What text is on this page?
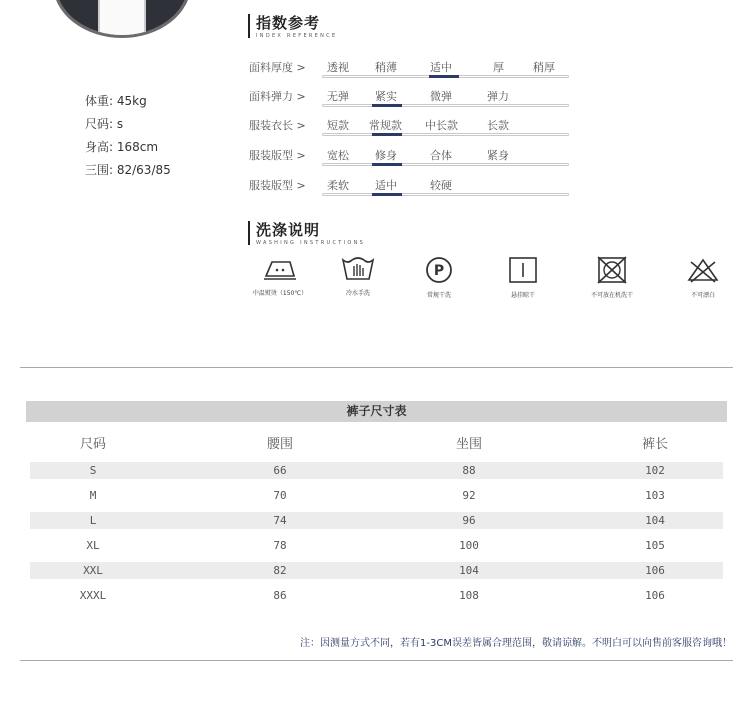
体重: 45kg
尺码: s
身高: 168cm
三围: 82/63/85
指数参考
INDEX REFERENCE
面料厚度 > 透视 稍薄	适中	厚	稍厚
面料弹力 > 无弹 紧实	微弹	弹力
服装衣长 > 短款 常规款 中长款	长款
服装版型 > 宽松 修身	合体	紧身
服装版型 > 柔软 适中	较硬
洗涤说明
WASHING INSTRUCTIONS
中温熨烫（150℃）	冷水手洗
P
常规干洗	悬挂晾干	不可放在机洗干	不可漂白
裤子尺寸表
尺码	腰围	坐围	裤长
S	66	88	102
M	70	92	103
L	74	96	104
XL	78	100	105
XXL	82	104	106
XXXL	86	108	106
注：因测量方式不同，若有1-3CM误差皆属合理范围，敬请谅解。不明白可以向售前客服咨询哦！
